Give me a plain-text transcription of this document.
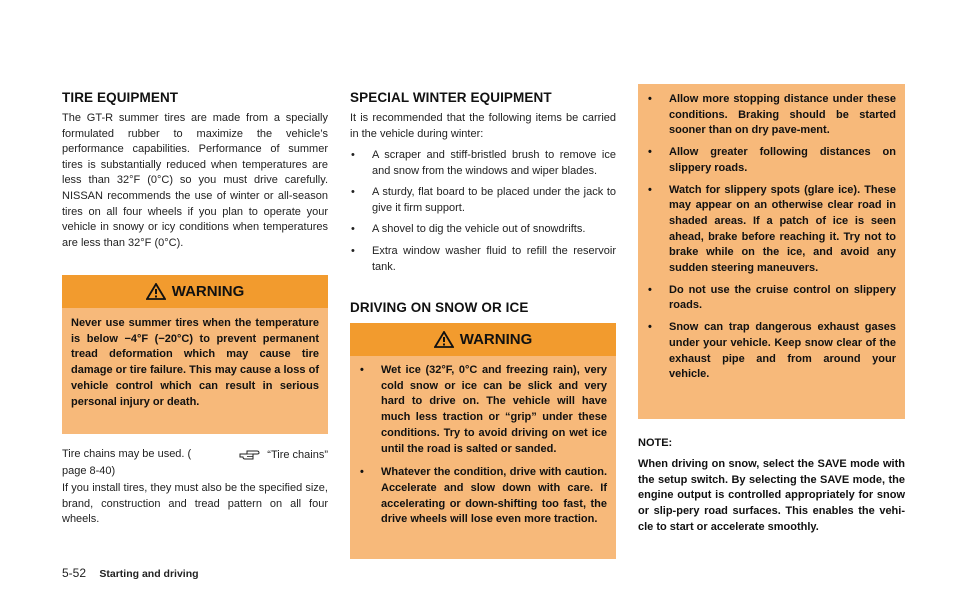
TIRE EQUIPMENT
The GT-R summer tires are made from a specially formulated rubber to maximize the vehicle’s performance capabilities. Performance of summer tires is substantially reduced when temperatures are less than 32°F (0°C) so you must drive carefully. NISSAN recommends the use of winter or all-season tires on all four wheels if you plan to operate your vehicle in snowy or icy conditions when temperatures are less than 32°F (0°C).
WARNING
Never use summer tires when the temperature is below −4°F (−20°C) to prevent permanent tread deformation which may cause tire damage or tire failure. This may cause a loss of vehicle control which can result in serious personal injury or death.
Tire chains may be used. (	“Tire chains”
page 8-40)
If you install tires, they must also be the specified size, brand, construction and tread pattern on all four wheels.
SPECIAL WINTER EQUIPMENT
It is recommended that the following items be carried in the vehicle during winter:
• A scraper and stiff-bristled brush to remove ice and snow from the windows and wiper blades.
• A sturdy, flat board to be placed under the jack to give it firm support.
• A shovel to dig the vehicle out of snowdrifts.
• Extra window washer fluid to refill the reservoir tank.
DRIVING ON SNOW OR ICE
WARNING
• Wet ice (32°F, 0°C and freezing rain), very cold snow or ice can be slick and very hard to drive on. The vehicle will have much less traction or “grip” under these conditions. Try to avoid driving on wet ice until the road is salted or sanded.
• Whatever the condition, drive with caution. Accelerate and slow down with care. If accelerating or down-shifting too fast, the drive wheels will lose even more traction.
• Allow more stopping distance under these conditions. Braking should be started sooner than on dry pave-ment.
• Allow greater following distances on slippery roads.
• Watch for slippery spots (glare ice). These may appear on an otherwise clear road in shaded areas. If a patch of ice is seen ahead, brake before reaching it. Try not to brake while on the ice, and avoid any sudden steering maneuvers.
• Do not use the cruise control on slippery roads.
• Snow can trap dangerous exhaust gases under your vehicle. Keep snow clear of the exhaust pipe and from around your vehicle.
NOTE:
When driving on snow, select the SAVE mode with the setup switch. By selecting the SAVE mode, the engine output is controlled appropriately for snow or slip-pery road surfaces. This enables the vehi-cle to start or accelerate smoothly.
5-52 Starting and driving
